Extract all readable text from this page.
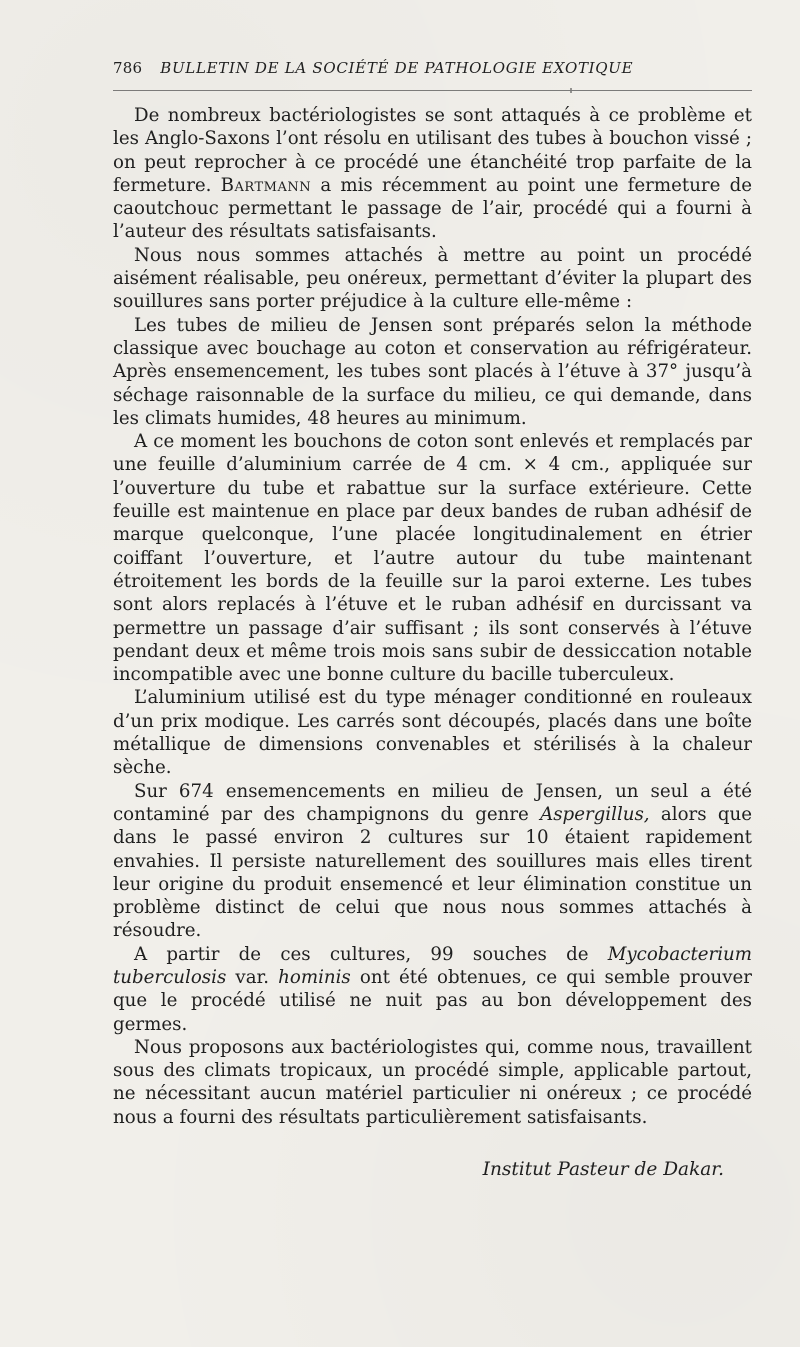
786 BULLETIN DE LA SOCIÉTÉ DE PATHOLOGIE EXOTIQUE

De nombreux bactériologistes se sont attaqués à ce problème et les Anglo-Saxons l’ont résolu en utilisant des tubes à bouchon vissé ; on peut reprocher à ce procédé une étanchéité trop parfaite de la fermeture. Bartmann a mis récemment au point une fermeture de caoutchouc permettant le passage de l’air, procédé qui a fourni à l’auteur des résultats satisfaisants.

Nous nous sommes attachés à mettre au point un procédé aisément réalisable, peu onéreux, permettant d’éviter la plupart des souillures sans porter préjudice à la culture elle-même :

Les tubes de milieu de Jensen sont préparés selon la méthode classique avec bouchage au coton et conservation au réfrigérateur. Après ensemencement, les tubes sont placés à l’étuve à 37° jusqu’à séchage raisonnable de la surface du milieu, ce qui demande, dans les climats humides, 48 heures au minimum.

A ce moment les bouchons de coton sont enlevés et remplacés par une feuille d’aluminium carrée de 4 cm. × 4 cm., appliquée sur l’ouverture du tube et rabattue sur la surface extérieure. Cette feuille est maintenue en place par deux bandes de ruban adhésif de marque quelconque, l’une placée longitudinalement en étrier coiffant l’ouverture, et l’autre autour du tube maintenant étroitement les bords de la feuille sur la paroi externe. Les tubes sont alors replacés à l’étuve et le ruban adhésif en durcissant va permettre un passage d’air suffisant ; ils sont conservés à l’étuve pendant deux et même trois mois sans subir de dessiccation notable incompatible avec une bonne culture du bacille tuberculeux.

L’aluminium utilisé est du type ménager conditionné en rouleaux d’un prix modique. Les carrés sont découpés, placés dans une boîte métallique de dimensions convenables et stérilisés à la chaleur sèche.

Sur 674 ensemencements en milieu de Jensen, un seul a été contaminé par des champignons du genre Aspergillus, alors que dans le passé environ 2 cultures sur 10 étaient rapidement envahies. Il persiste naturellement des souillures mais elles tirent leur origine du produit ensemencé et leur élimination constitue un problème distinct de celui que nous nous sommes attachés à résoudre.

A partir de ces cultures, 99 souches de Mycobacterium tuberculosis var. hominis ont été obtenues, ce qui semble prouver que le procédé utilisé ne nuit pas au bon développement des germes.

Nous proposons aux bactériologistes qui, comme nous, travaillent sous des climats tropicaux, un procédé simple, applicable partout, ne nécessitant aucun matériel particulier ni onéreux ; ce procédé nous a fourni des résultats particulièrement satisfaisants.

Institut Pasteur de Dakar.
